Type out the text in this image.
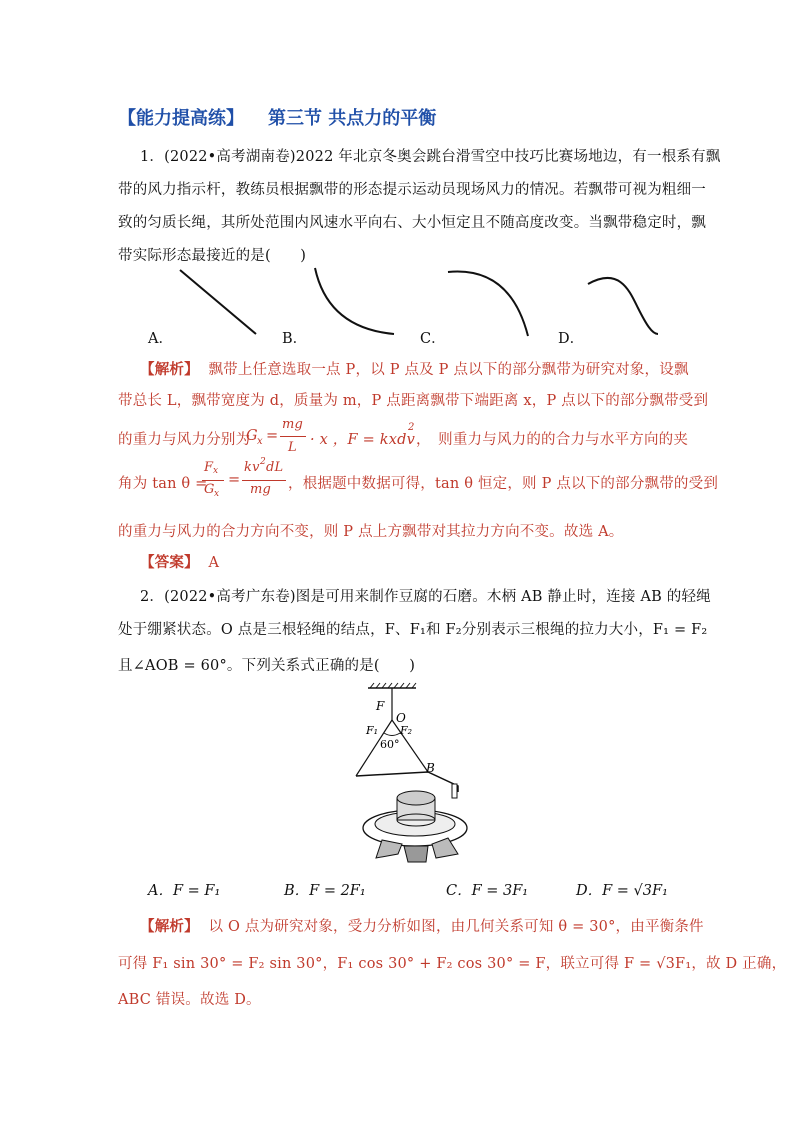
【能力提高练】 第三节 共点力的平衡
1．(2022•高考湖南卷)2022 年北京冬奥会跳台滑雪空中技巧比赛场地边，有一根系有飘
带的风力指示杆，教练员根据飘带的形态提示运动员现场风力的情况。若飘带可视为粗细一
致的匀质长绳，其所处范围内风速水平向右、大小恒定且不随高度改变。当飘带稳定时，飘
带实际形态最接近的是(　　)
A．	B．	C．	D．
【解析】 飘带上任意选取一点 P，以 P 点及 P 点以下的部分飘带为研究对象，设飘
带总长 L，飘带宽度为 d，质量为 m，P 点距离飘带下端距离 x，P 点以下的部分飘带受到
的重力与风力分别为
G x =
mg
L · x ，F = kxdv
2
，　则重力与风力的的合力与水平方向的夹
角为 tan θ =
F x
G x
=
kv 2 dL
mg ，根据题中数据可得，tan θ 恒定，则 P 点以下的部分飘带的受到
的重力与风力的合力方向不变，则 P 点上方飘带对其拉力方向不变。故选 A。
【答案】 A
2．(2022•高考广东卷)图是可用来制作豆腐的石磨。木柄 AB 静止时，连接 AB 的轻绳
处于绷紧状态。O 点是三根轻绳的结点，F、F₁和 F₂分别表示三根绳的拉力大小，F₁ = F₂
且∠AOB = 60°。下列关系式正确的是(　　)
F
O
F₁ F₂
60°
B
A．F = F₁	B．F = 2F₁	C．F = 3F₁	D．F = √3F₁
【解析】 以 O 点为研究对象，受力分析如图，由几何关系可知 θ = 30°，由平衡条件
可得 F₁ sin 30° = F₂ sin 30°，F₁ cos 30° + F₂ cos 30° = F，联立可得 F = √3F₁，故 D 正确，
ABC 错误。故选 D。
